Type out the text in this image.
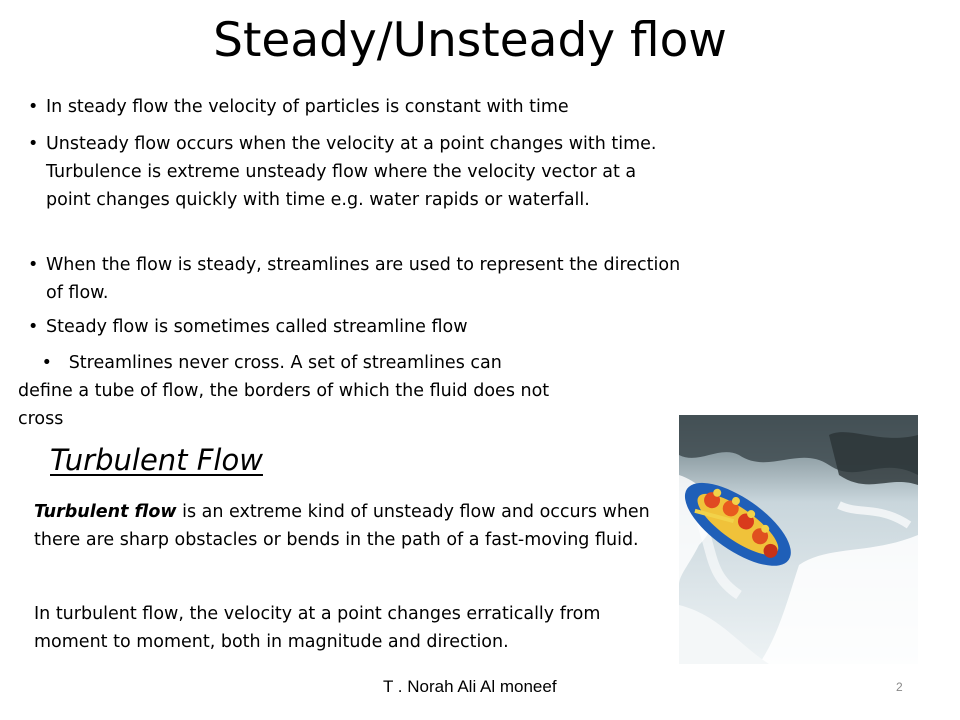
Steady/Unsteady flow
• In steady flow the velocity of particles is constant with time
• Unsteady flow occurs when the velocity at a point changes with time. Turbulence is extreme unsteady flow where the velocity vector at a point changes quickly with time e.g. water rapids or waterfall.
• When the flow is steady, streamlines are used to represent the direction of flow.
• Steady flow is sometimes called streamline flow
• Streamlines never cross. A set of streamlines can define a tube of flow, the borders of which the fluid does not cross
Turbulent Flow
Turbulent flow is an extreme kind of unsteady flow and occurs when there are sharp obstacles or bends in the path of a fast-moving fluid.
In turbulent flow, the velocity at a point changes erratically from moment to moment, both in magnitude and direction.
T . Norah Ali Al moneef	2
